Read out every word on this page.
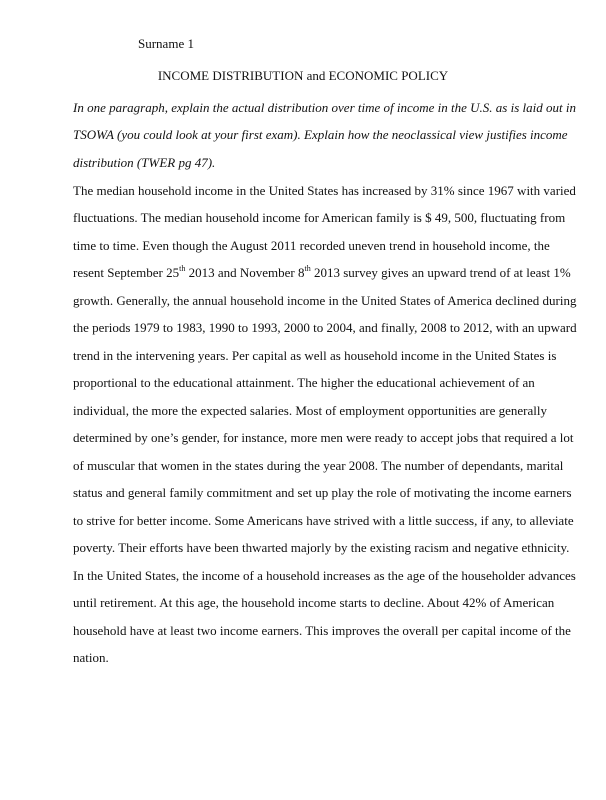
Surname 1
INCOME DISTRIBUTION and ECONOMIC POLICY
In one paragraph, explain the actual distribution over time of income in the U.S. as is laid out in
TSOWA (you could look at your first exam). Explain how the neoclassical view justifies income
distribution (TWER pg 47).
The median household income in the United States has increased by 31% since 1967 with varied
fluctuations. The median household income for American family is $ 49, 500, fluctuating from
time to time. Even though the August 2011 recorded uneven trend in household income, the
resent September 25th 2013 and November 8th 2013 survey gives an upward trend of at least 1%
growth. Generally, the annual household income in the United States of America declined during
the periods 1979 to 1983, 1990 to 1993, 2000 to 2004, and finally, 2008 to 2012, with an upward
trend in the intervening years. Per capital as well as household income in the United States is
proportional to the educational attainment. The higher the educational achievement of an
individual, the more the expected salaries. Most of employment opportunities are generally
determined by one’s gender, for instance, more men were ready to accept jobs that required a lot
of muscular that women in the states during the year 2008. The number of dependants, marital
status and general family commitment and set up play the role of motivating the income earners
to strive for better income. Some Americans have strived with a little success, if any, to alleviate
poverty. Their efforts have been thwarted majorly by the existing racism and negative ethnicity.
In the United States, the income of a household increases as the age of the householder advances
until retirement. At this age, the household income starts to decline. About 42% of American
household have at least two income earners. This improves the overall per capital income of the
nation.
